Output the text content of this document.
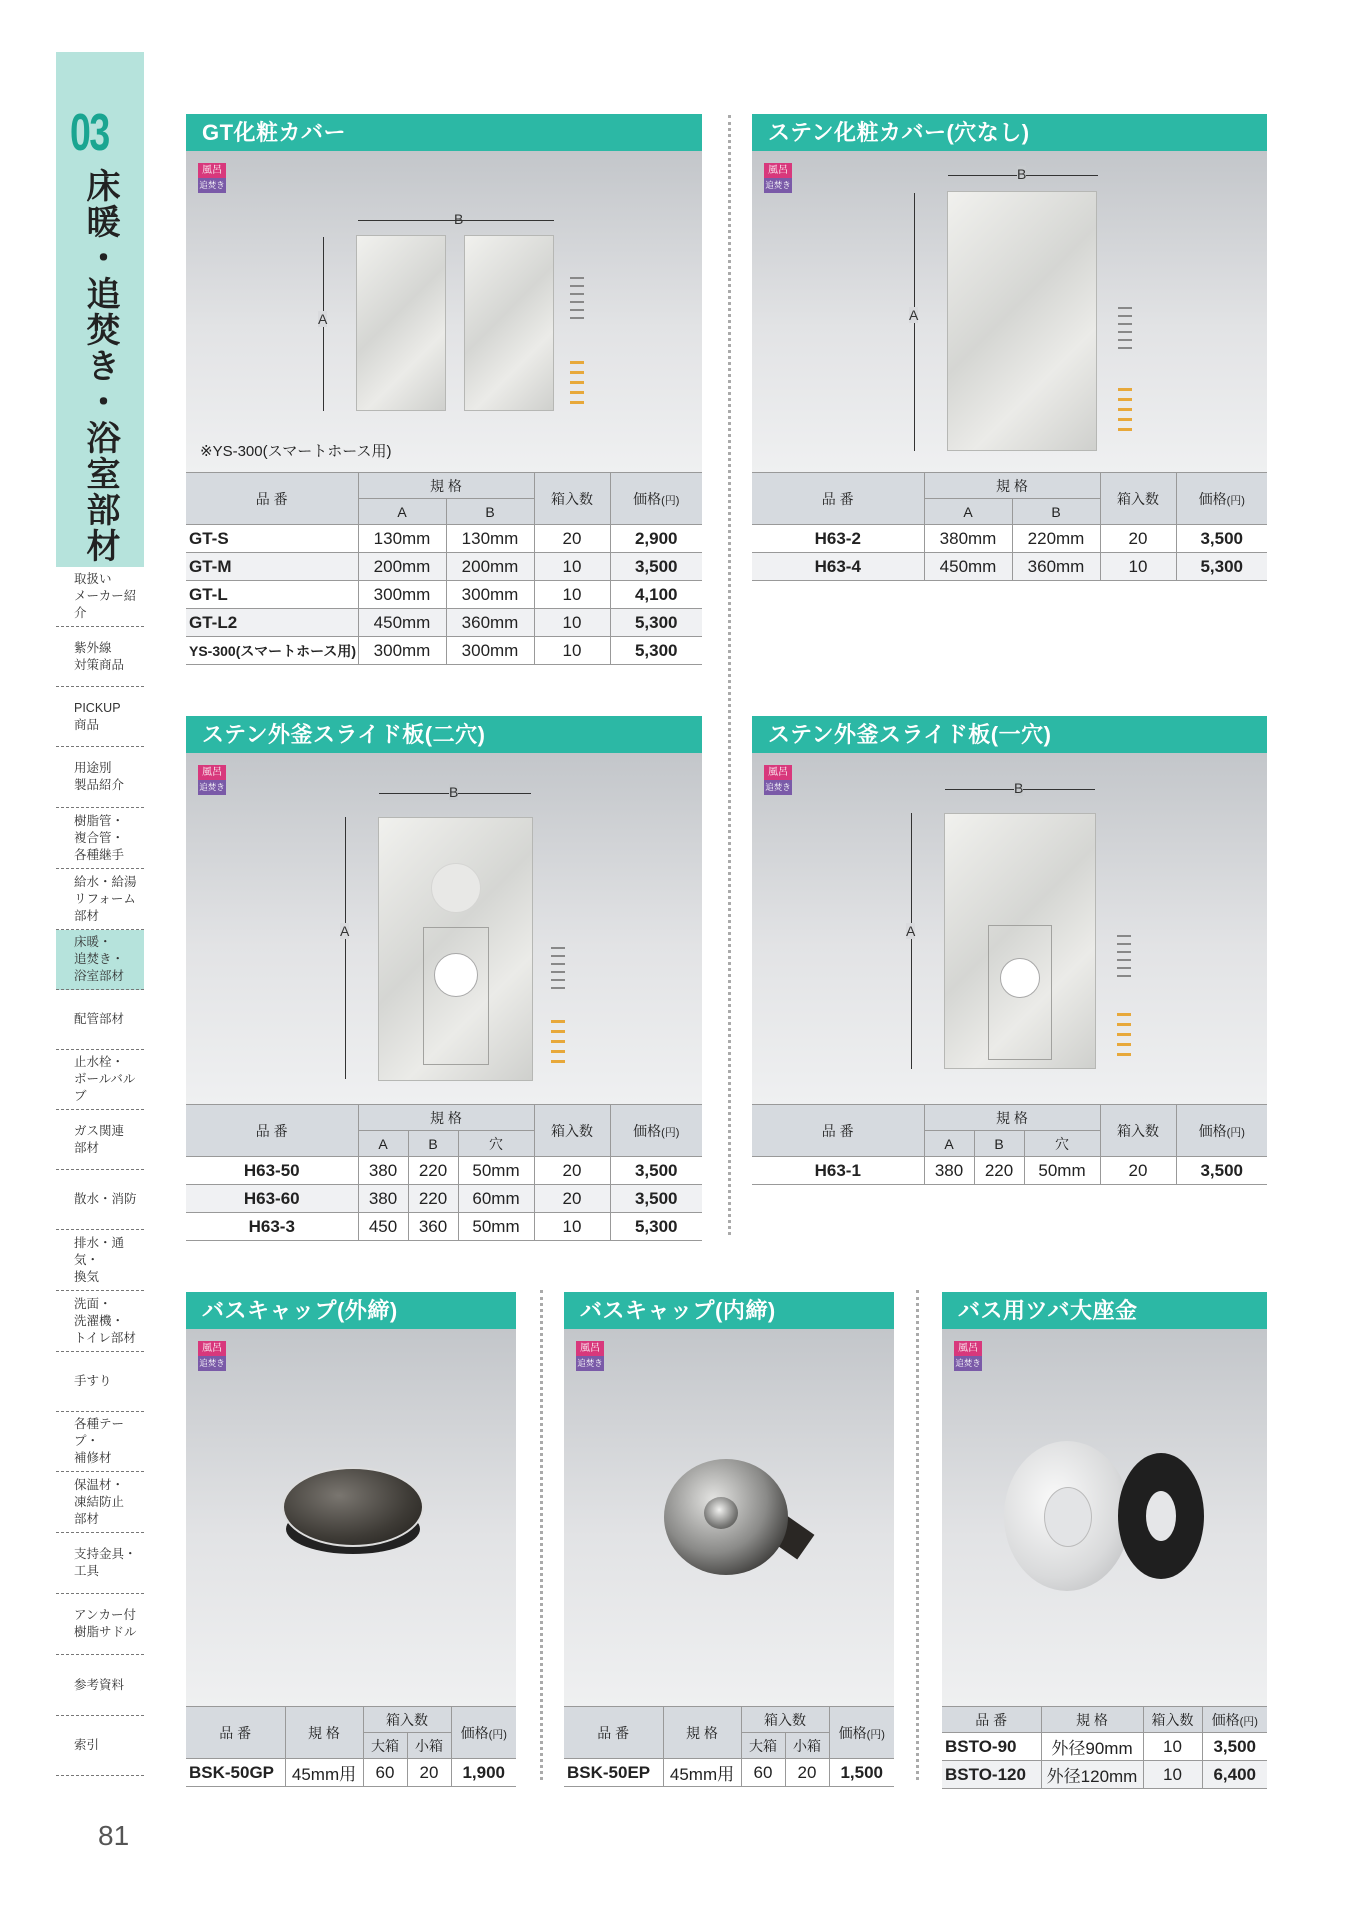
03
床暖・追焚き・浴室部材
取扱い
メーカー紹介
紫外線
対策商品
PICKUP
商品
用途別
製品紹介
樹脂管・
複合管・
各種継手
給水・給湯
リフォーム
部材
床暖・
追焚き・
浴室部材
配管部材
止水栓・
ボールバルブ
ガス関連
部材
散水・消防
排水・通気・
換気
洗面・
洗濯機・
トイレ部材
手すり
各種テープ・
補修材
保温材・
凍結防止
部材
支持金具・
工具
アンカー付
樹脂サドル
参考資料
索引
81
GT化粧カバー
風呂
追焚き
B
A
※YS-300(スマートホース用)
品 番	規 格		箱入数	価格(円)
	A	B		
GT-S	130mm	130mm	20	2,900
GT-M	200mm	200mm	10	3,500
GT-L	300mm	300mm	10	4,100
GT-L2	450mm	360mm	10	5,300
YS-300(スマートホース用)	300mm	300mm	10	5,300
ステン化粧カバー(穴なし)
風呂
追焚き
B
A
品 番	規 格		箱入数	価格(円)
	A	B		
H63-2	380mm	220mm	20	3,500
H63-4	450mm	360mm	10	5,300
ステン外釜スライド板(二穴)
風呂
追焚き	B
A
品 番	規 格			箱入数	価格(円)
	A	B	穴		
H63-50	380	220	50mm	20	3,500
H63-60	380	220	60mm	20	3,500
H63-3	450	360	50mm	10	5,300
ステン外釜スライド板(一穴)
風呂
追焚き	B
A
品 番	規 格			箱入数	価格(円)
	A	B	穴		
H63-1	380	220	50mm	20	3,500
バスキャップ(外締)
風呂
追焚き
品 番	規 格	箱入数		価格(円)
		大箱	小箱	
BSK-50GP	45mm用	60	20	1,900
バスキャップ(内締)
風呂
追焚き
品 番	規 格	箱入数		価格(円)
		大箱	小箱	
BSK-50EP	45mm用	60	20	1,500
バス用ツバ大座金
風呂
追焚き
品 番	規 格	箱入数	価格(円)
BSTO-90	外径90mm	10	3,500
BSTO-120	外径120mm	10	6,400
